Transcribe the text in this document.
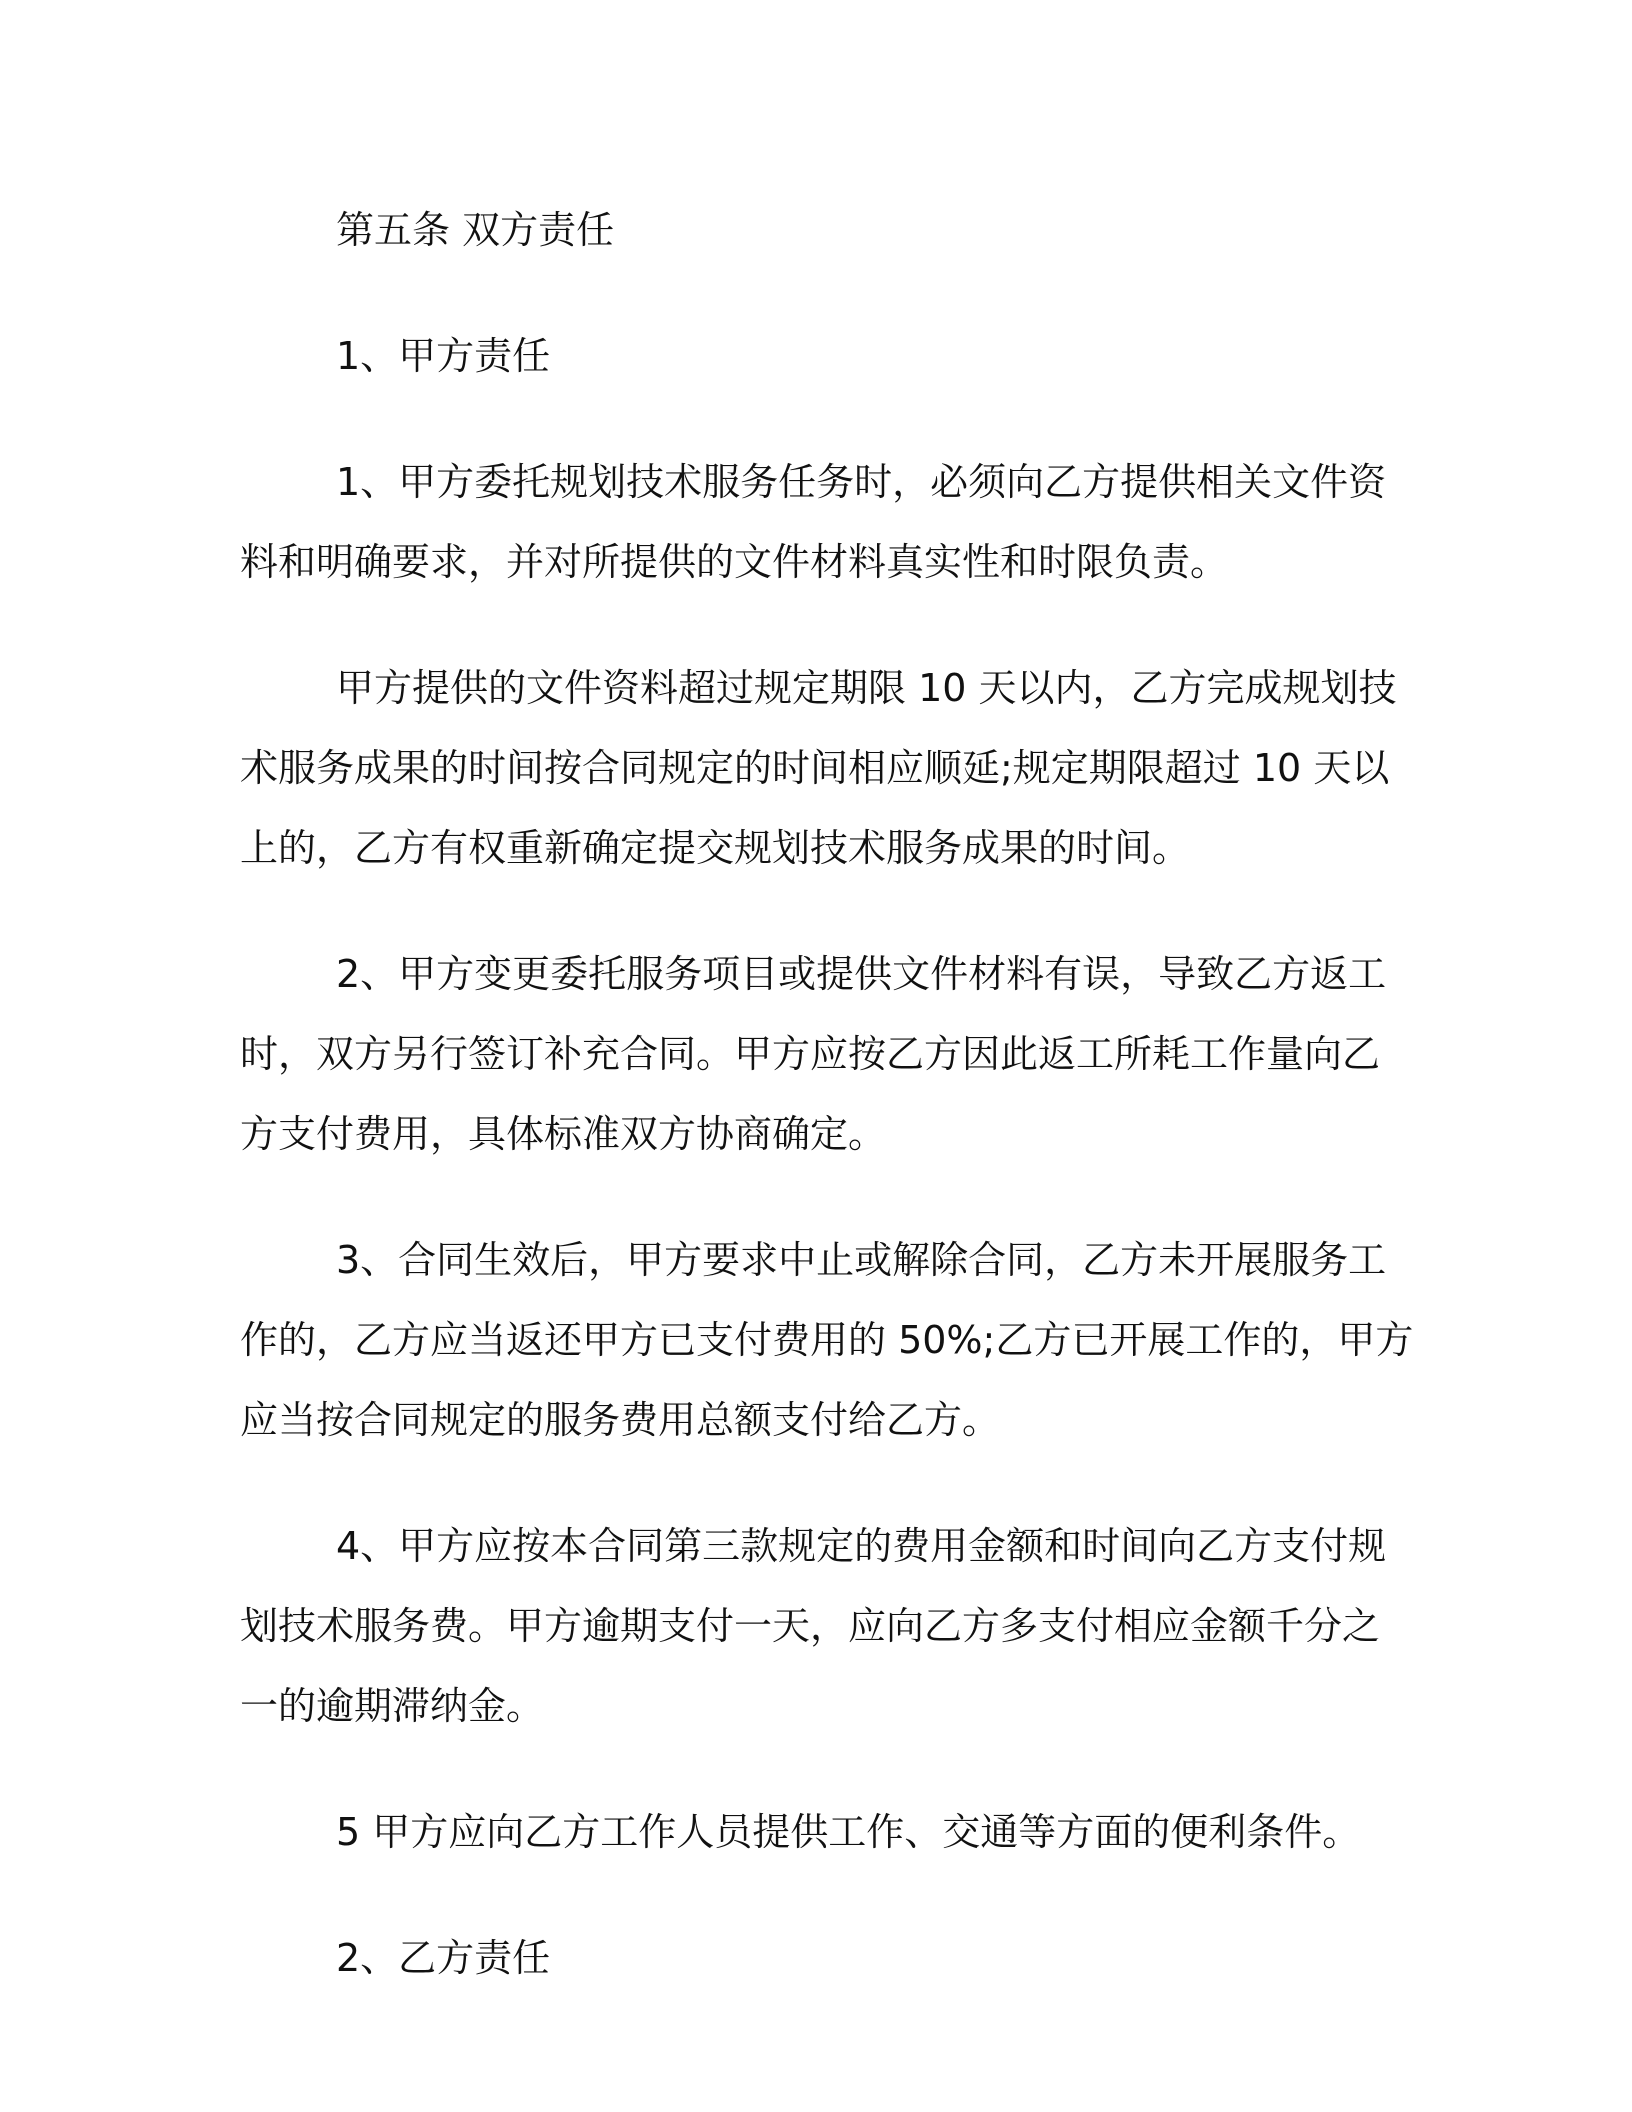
第五条 双方责任
1、甲方责任
1、甲方委托规划技术服务任务时，必须向乙方提供相关文件资
料和明确要求，并对所提供的文件材料真实性和时限负责。
甲方提供的文件资料超过规定期限 10 天以内，乙方完成规划技
术服务成果的时间按合同规定的时间相应顺延;规定期限超过 10 天以
上的，乙方有权重新确定提交规划技术服务成果的时间。
2、甲方变更委托服务项目或提供文件材料有误，导致乙方返工
时，双方另行签订补充合同。甲方应按乙方因此返工所耗工作量向乙
方支付费用，具体标准双方协商确定。
3、合同生效后，甲方要求中止或解除合同，乙方未开展服务工
作的，乙方应当返还甲方已支付费用的 50%;乙方已开展工作的，甲方
应当按合同规定的服务费用总额支付给乙方。
4、甲方应按本合同第三款规定的费用金额和时间向乙方支付规
划技术服务费。甲方逾期支付一天，应向乙方多支付相应金额千分之
一的逾期滞纳金。
5 甲方应向乙方工作人员提供工作、交通等方面的便利条件。
2、乙方责任
